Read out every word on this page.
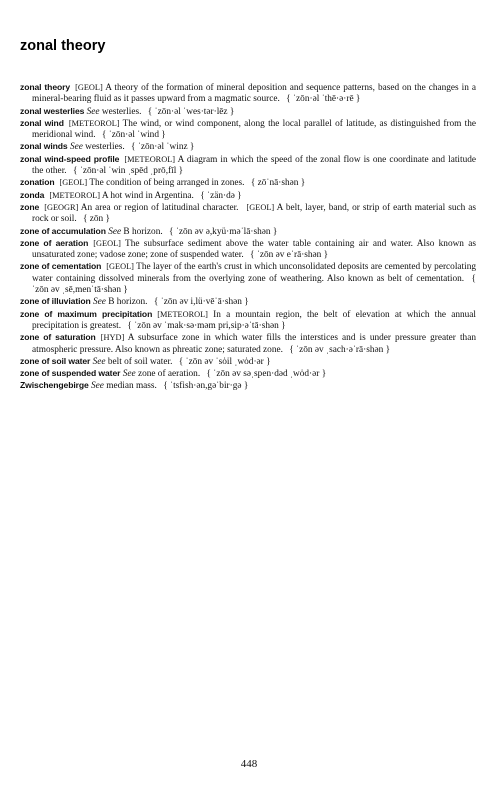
zonal theory

zonal theory [GEOL] A theory of the formation of mineral deposition and sequence patterns, based on the changes in a mineral-bearing fluid as it passes upward from a magmatic source. { ˈzōn·əl ˈthē·ə·rē }

zonal westerlies See westerlies. { ˈzōn·əl ˈwes·tər·lēz }

zonal wind [METEOROL] The wind, or wind component, along the local parallel of latitude, as distinguished from the meridional wind. { ˈzōn·əl ˈwind }

zonal winds See westerlies. { ˈzōn·əl ˈwinz }

zonal wind-speed profile [METEOROL] A diagram in which the speed of the zonal flow is one coordinate and latitude the other. { ˈzōn·əl ˈwin ˌspēd ˌprō,fīl }

zonation [GEOL] The condition of being arranged in zones. { zōˈnā·shən }

zonda [METEOROL] A hot wind in Argentina. { ˈzän·də }

zone [GEOGR] An area or region of latitudinal character. [GEOL] A belt, layer, band, or strip of earth material such as rock or soil. { zōn }

zone of accumulation See B horizon. { ˈzōn əv ə,kyü·məˈlā·shən }

zone of aeration [GEOL] The subsurface sediment above the water table containing air and water. Also known as unsaturated zone; vadose zone; zone of suspended water. { ˈzōn əv eˈrā·shən }

zone of cementation [GEOL] The layer of the earth's crust in which unconsolidated deposits are cemented by percolating water containing dissolved minerals from the overlying zone of weathering. Also known as belt of cementation. { ˈzōn əv ˌsē,menˈtā·shən }

zone of illuviation See B horizon. { ˈzōn əv i,lü·vēˈā·shən }

zone of maximum precipitation [METEOROL] In a mountain region, the belt of elevation at which the annual precipitation is greatest. { ˈzōn əv ˈmak·sə·məm pri,sip·əˈtā·shən }

zone of saturation [HYD] A subsurface zone in which water fills the interstices and is under pressure greater than atmospheric pressure. Also known as phreatic zone; saturated zone. { ˈzōn əv ˌsach·əˈrā·shən }

zone of soil water See belt of soil water. { ˈzōn əv ˈsȯil ˌwȯd·ər }

zone of suspended water See zone of aeration. { ˈzōn əv səˌspen·dəd ˌwȯd·ər }

Zwischengebirge See median mass. { ˈtsfish·ən,gəˈbir·gə }

448
